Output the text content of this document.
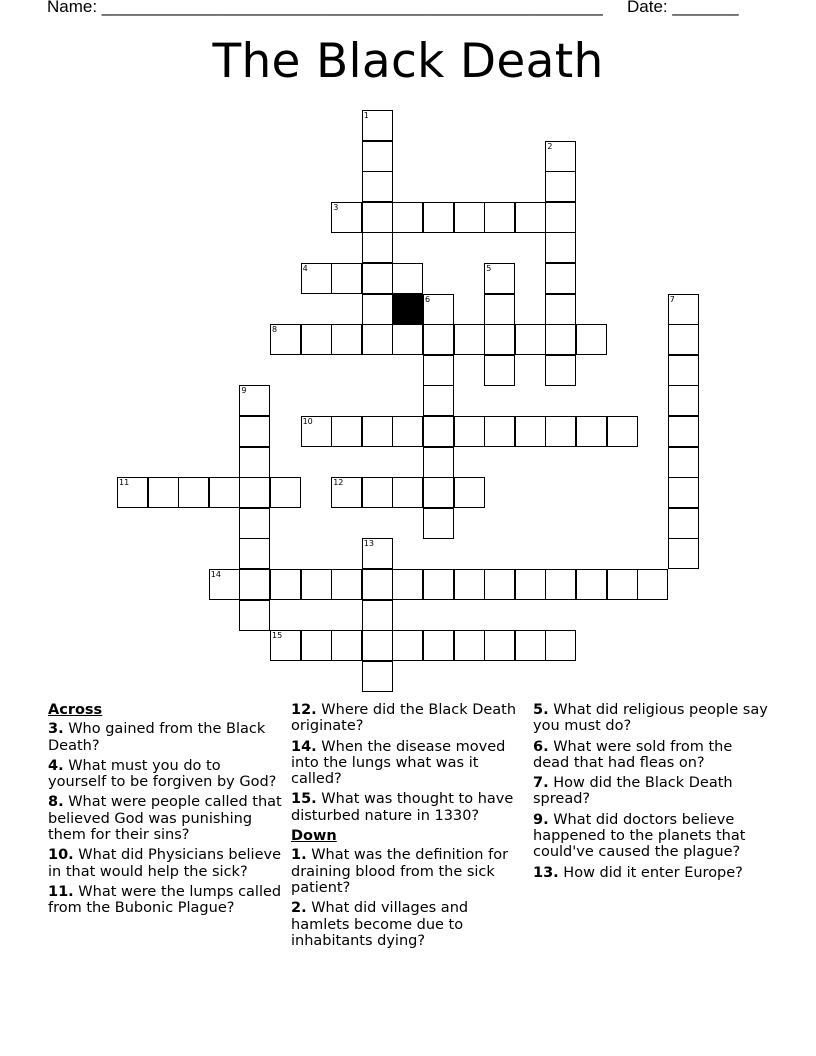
Name: _____________________________________________________ Date: _______
The Black Death
1
2
3
4	5
6	7
8
9
10
11	12
13
14
15
Across
3. Who gained from the Black Death?
4. What must you do to yourself to be forgiven by God?
8. What were people called that believed God was punishing them for their sins?
10. What did Physicians believe in that would help the sick?
11. What were the lumps called from the Bubonic Plague?
12. Where did the Black Death originate?
14. When the disease moved into the lungs what was it called?
15. What was thought to have disturbed nature in 1330?
Down
1. What was the definition for draining blood from the sick patient?
2. What did villages and hamlets become due to inhabitants dying?
5. What did religious people say you must do?
6. What were sold from the dead that had fleas on?
7. How did the Black Death spread?
9. What did doctors believe happened to the planets that could've caused the plague?
13. How did it enter Europe?
